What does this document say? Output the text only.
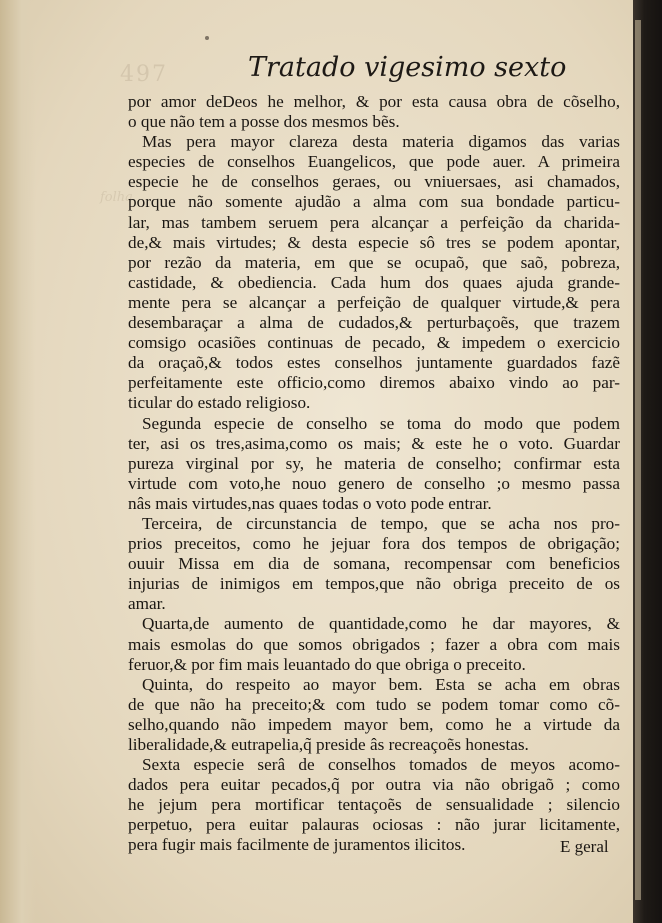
497
folha
Tratado vigesimo sexto
por amor deDeos he melhor, & por esta causa obra de cõselho,
o que não tem a posse dos mesmos bẽs.
Mas pera mayor clareza desta materia digamos das varias
especies de conselhos Euangelicos, que pode auer. A primeira
especie he de conselhos geraes, ou vniuersaes, asi chamados,
porque não somente ajudão a alma com sua bondade particu-
lar, mas tambem seruem pera alcançar a perfeição da charida-
de,& mais virtudes; & desta especie sô tres se podem apontar,
por rezão da materia, em que se ocupaõ, que saõ, pobreza,
castidade, & obediencia. Cada hum dos quaes ajuda grande-
mente pera se alcançar a perfeição de qualquer virtude,& pera
desembaraçar a alma de cudados,& perturbaçoẽs, que trazem
comsigo ocasiões continuas de pecado, & impedem o exercicio
da oraçaõ,& todos estes conselhos juntamente guardados fazẽ
perfeitamente este officio,como diremos abaixo vindo ao par-
ticular do estado religioso.
Segunda especie de conselho se toma do modo que podem
ter, asi os tres,asima,como os mais; & este he o voto. Guardar
pureza virginal por sy, he materia de conselho; confirmar esta
virtude com voto,he nouo genero de conselho ;o mesmo passa
nâs mais virtudes,nas quaes todas o voto pode entrar.
Terceira, de circunstancia de tempo, que se acha nos pro-
prios preceitos, como he jejuar fora dos tempos de obrigação;
ouuir Missa em dia de somana, recompensar com beneficios
injurias de inimigos em tempos,que não obriga preceito de os
amar.
Quarta,de aumento de quantidade,como he dar mayores, &
mais esmolas do que somos obrigados ; fazer a obra com mais
feruor,& por fim mais leuantado do que obriga o preceito.
Quinta, do respeito ao mayor bem. Esta se acha em obras
de que não ha preceito;& com tudo se podem tomar como cõ-
selho,quando não impedem mayor bem, como he a virtude da
liberalidade,& eutrapelia,q̃ preside âs recreaçoẽs honestas.
Sexta especie serâ de conselhos tomados de meyos acomo-
dados pera euitar pecados,q̃ por outra via não obrigaõ ; como
he jejum pera mortificar tentaçoẽs de sensualidade ; silencio
perpetuo, pera euitar palauras ociosas : não jurar licitamente,
pera fugir mais facilmente de juramentos ilicitos.	E geral
